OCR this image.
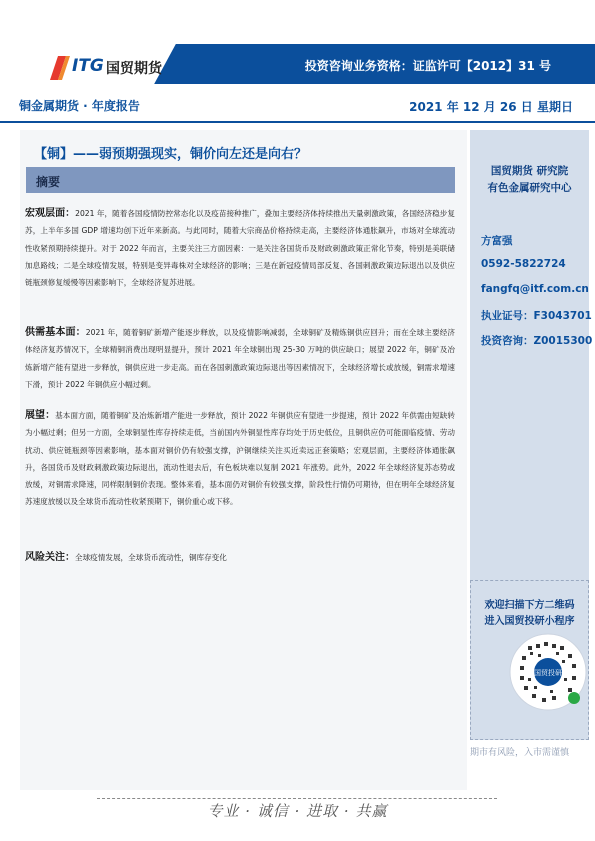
ITG 国贸期货	投资咨询业务资格：证监许可【2012】31 号
铜金属期货 · 年度报告	2021 年 12 月 26 日 星期日
【铜】——弱预期强现实，铜价向左还是向右？
摘要
宏观层面：2021 年，随着各国疫情防控常态化以及疫苗接种推广，叠加主要经济体持续推出天量刺激政策，各国经济稳步复苏，上半年多国 GDP 增速均创下近年来新高。与此同时，随着大宗商品价格持续走高，主要经济体通胀飙升，市场对全球流动性收紧预期持续提升。对于 2022 年而言，主要关注三方面因素：一是关注各国货币及财政刺激政策正常化节奏，特别是美联储加息路线；二是全球疫情发展，特别是变异毒株对全球经济的影响；三是在新冠疫情局部反复、各国刺激政策边际退出以及供应链瓶颈修复缓慢等因素影响下，全球经济复苏进展。
供需基本面：2021 年，随着铜矿新增产能逐步释放，以及疫情影响减弱，全球铜矿及精炼铜供应回升；而在全球主要经济体经济复苏情况下，全球精铜消费出现明显提升，预计 2021 年全球铜出现 25-30 万吨的供应缺口；展望 2022 年，铜矿及冶炼新增产能有望进一步释放，铜供应进一步走高。而在各国刺激政策边际退出等因素情况下，全球经济增长或放缓，铜需求增速下滑，预计 2022 年铜供应小幅过剩。
展望：基本面方面，随着铜矿及冶炼新增产能进一步释放，预计 2022 年铜供应有望进一步提速，预计 2022 年供需由短缺转为小幅过剩；但另一方面，全球铜显性库存持续走低，当前国内外铜显性库存均处于历史低位，且铜供应仍可能面临疫情、劳动扰动、供应链瓶颈等因素影响，基本面对铜价仍有较强支撑，沪铜继续关注买近卖远正套策略；宏观层面，主要经济体通胀飙升，各国货币及财政刺激政策边际退出，流动性退去后，有色板块难以复制 2021 年涨势。此外，2022 年全球经济复苏态势或放缓，对铜需求降速，同样限制铜价表现。整体来看，基本面仍对铜价有较强支撑，阶段性行情仍可期待，但在明年全球经济复苏速度放缓以及全球货币流动性收紧预期下，铜价重心或下移。
风险关注：全球疫情发展，全球货币流动性，铜库存变化
国贸期货 研究院
有色金属研究中心
方富强
0592-5822724
fangfq@itf.com.cn
执业证号：F3043701
投资咨询：Z0015300
欢迎扫描下方二维码
进入国贸投研小程序
国贸投研
期市有风险，入市需谨慎
专业 · 诚信 · 进取 · 共赢
